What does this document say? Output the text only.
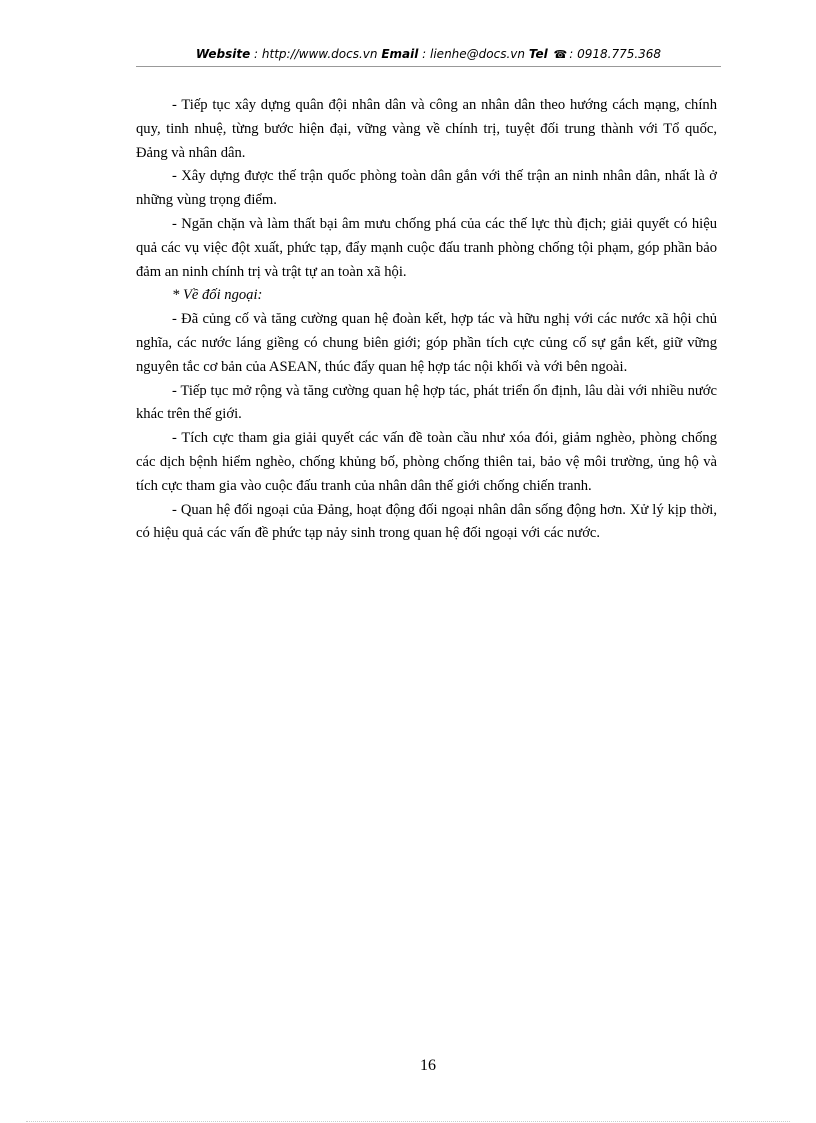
Website : http://www.docs.vn Email : lienhe@docs.vn Tel ☎ : 0918.775.368

- Tiếp tục xây dựng quân đội nhân dân và công an nhân dân theo hướng cách mạng, chính quy, tinh nhuệ, từng bước hiện đại, vững vàng về chính trị, tuyệt đối trung thành với Tổ quốc, Đảng và nhân dân.

- Xây dựng được thế trận quốc phòng toàn dân gắn với thế trận an ninh nhân dân, nhất là ở những vùng trọng điểm.

- Ngăn chặn và làm thất bại âm mưu chống phá của các thế lực thù địch; giải quyết có hiệu quả các vụ việc đột xuất, phức tạp, đẩy mạnh cuộc đấu tranh phòng chống tội phạm, góp phần bảo đảm an ninh chính trị và trật tự an toàn xã hội.

* Về đối ngoại:

- Đã củng cố và tăng cường quan hệ đoàn kết, hợp tác và hữu nghị với các nước xã hội chủ nghĩa, các nước láng giềng có chung biên giới; góp phần tích cực củng cố sự gắn kết, giữ vững nguyên tắc cơ bản của ASEAN, thúc đẩy quan hệ hợp tác nội khối và với bên ngoài.

- Tiếp tục mở rộng và tăng cường quan hệ hợp tác, phát triển ổn định, lâu dài với nhiều nước khác trên thế giới.

- Tích cực tham gia giải quyết các vấn đề toàn cầu như xóa đói, giảm nghèo, phòng chống các dịch bệnh hiểm nghèo, chống khủng bố, phòng chống thiên tai, bảo vệ môi trường, ủng hộ và tích cực tham gia vào cuộc đấu tranh của nhân dân thế giới chống chiến tranh.

- Quan hệ đối ngoại của Đảng, hoạt động đối ngoại nhân dân sống động hơn. Xử lý kịp thời, có hiệu quả các vấn đề phức tạp nảy sinh trong quan hệ đối ngoại với các nước.

16
